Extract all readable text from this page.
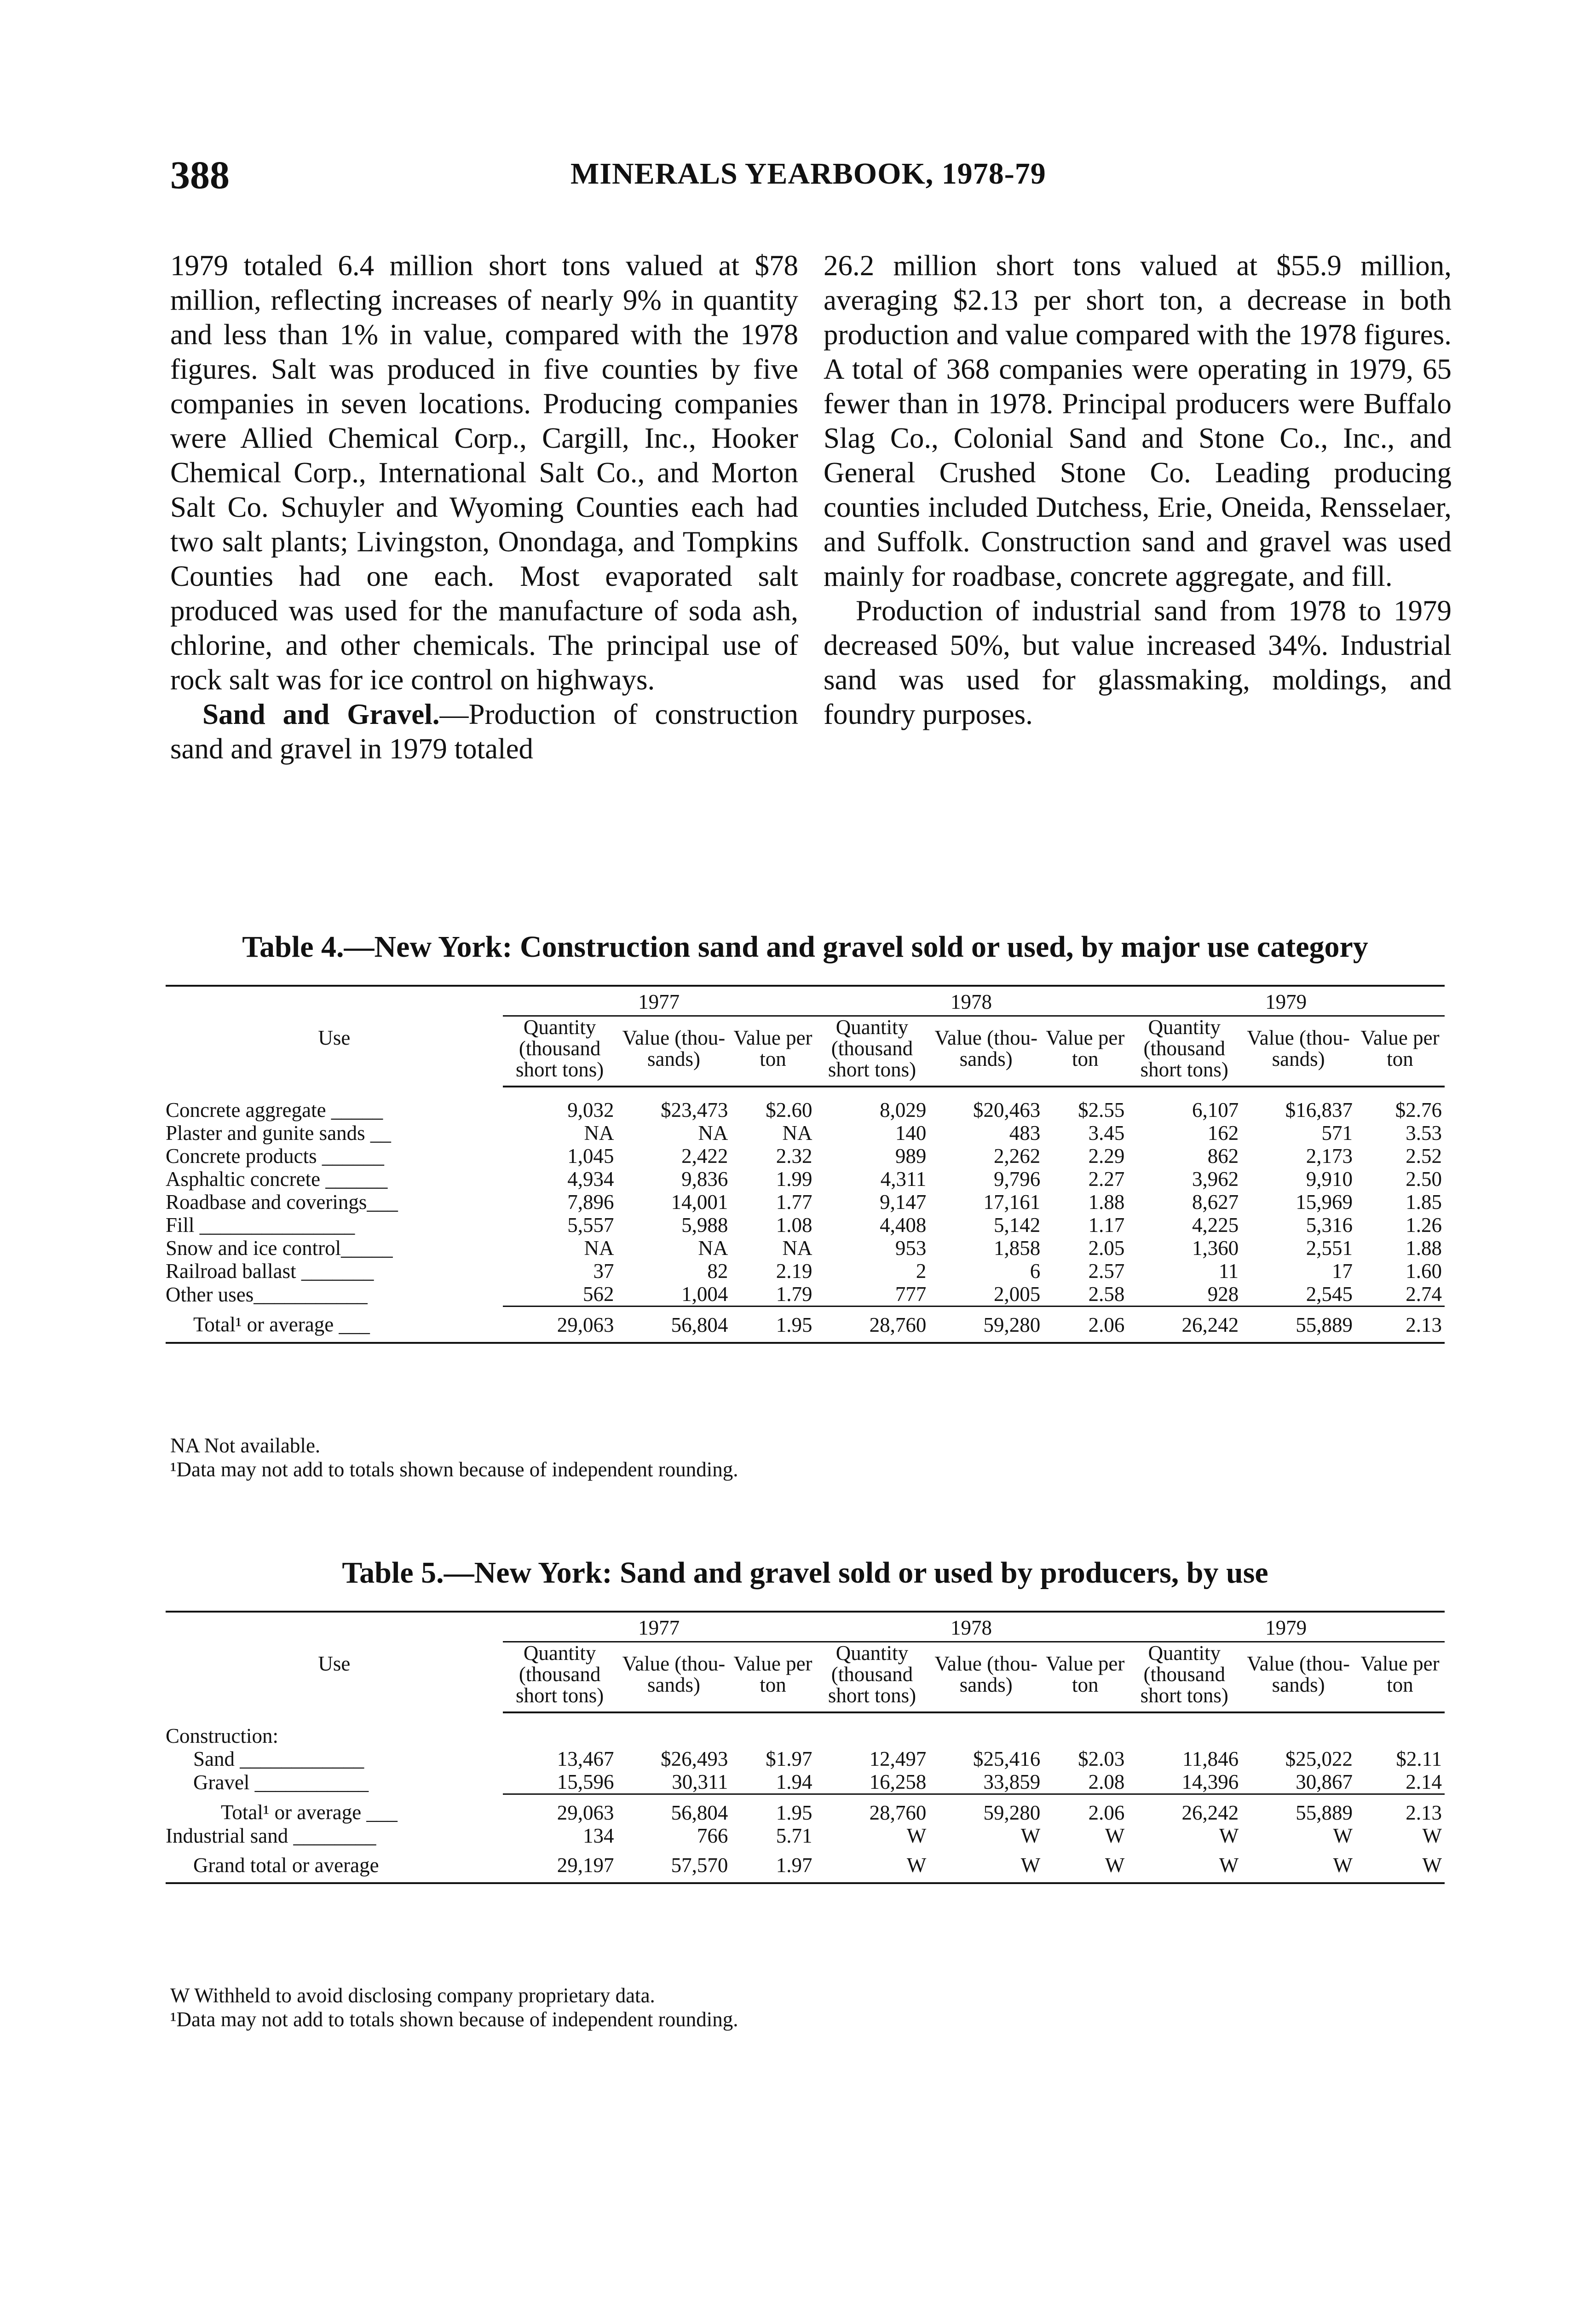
388	MINERALS YEARBOOK, 1978-79

1979 totaled 6.4 million short tons valued at $78 million, reflecting increases of nearly 9% in quantity and less than 1% in value, compared with the 1978 figures. Salt was produced in five counties by five companies in seven locations. Producing companies were Allied Chemical Corp., Cargill, Inc., Hooker Chemical Corp., International Salt Co., and Morton Salt Co. Schuyler and Wyoming Counties each had two salt plants; Livingston, Onondaga, and Tompkins Counties had one each. Most evaporated salt produced was used for the manufacture of soda ash, chlorine, and other chemicals. The principal use of rock salt was for ice control on highways.

Sand and Gravel.—Production of construction sand and gravel in 1979 totaled

26.2 million short tons valued at $55.9 million, averaging $2.13 per short ton, a decrease in both production and value compared with the 1978 figures. A total of 368 companies were operating in 1979, 65 fewer than in 1978. Principal producers were Buffalo Slag Co., Colonial Sand and Stone Co., Inc., and General Crushed Stone Co. Leading producing counties included Dutchess, Erie, Oneida, Rensselaer, and Suffolk. Construction sand and gravel was used mainly for roadbase, concrete aggregate, and fill.

Production of industrial sand from 1978 to 1979 decreased 50%, but value increased 34%. Industrial sand was used for glassmaking, moldings, and foundry purposes.

Table 4.—New York: Construction sand and gravel sold or used, by major use category
Use	1977			1978			1979		
	Quantity (thousand short tons)	Value (thou- sands)	Value per ton	Quantity (thousand short tons)	Value (thou- sands)	Value per ton	Quantity (thousand short tons)	Value (thou- sands)	Value per ton

Concrete aggregate _____	9,032	$23,473	$2.60	8,029	$20,463	$2.55	6,107	$16,837	$2.76
Plaster and gunite sands __	NA	NA	NA	140	483	3.45	162	571	3.53
Concrete products ______	1,045	2,422	2.32	989	2,262	2.29	862	2,173	2.52
Asphaltic concrete ______	4,934	9,836	1.99	4,311	9,796	2.27	3,962	9,910	2.50
Roadbase and coverings___	7,896	14,001	1.77	9,147	17,161	1.88	8,627	15,969	1.85
Fill _______________	5,557	5,988	1.08	4,408	5,142	1.17	4,225	5,316	1.26
Snow and ice control_____	NA	NA	NA	953	1,858	2.05	1,360	2,551	1.88
Railroad ballast _______	37	82	2.19	2	6	2.57	11	17	1.60
Other uses___________	562	1,004	1.79	777	2,005	2.58	928	2,545	2.74
Total¹ or average ___	29,063	56,804	1.95	28,760	59,280	2.06	26,242	55,889	2.13
NA Not available.
¹Data may not add to totals shown because of independent rounding.
Table 5.—New York: Sand and gravel sold or used by producers, by use
Use	1977			1978			1979		
	Quantity (thousand short tons)	Value (thou- sands)	Value per ton	Quantity (thousand short tons)	Value (thou- sands)	Value per ton	Quantity (thousand short tons)	Value (thou- sands)	Value per ton

Construction:									
Sand ____________	13,467	$26,493	$1.97	12,497	$25,416	$2.03	11,846	$25,022	$2.11
Gravel ___________	15,596	30,311	1.94	16,258	33,859	2.08	14,396	30,867	2.14
Total¹ or average ___	29,063	56,804	1.95	28,760	59,280	2.06	26,242	55,889	2.13
Industrial sand ________	134	766	5.71	W	W	W	W	W	W
Grand total or average	29,197	57,570	1.97	W	W	W	W	W	W
W Withheld to avoid disclosing company proprietary data.
¹Data may not add to totals shown because of independent rounding.
